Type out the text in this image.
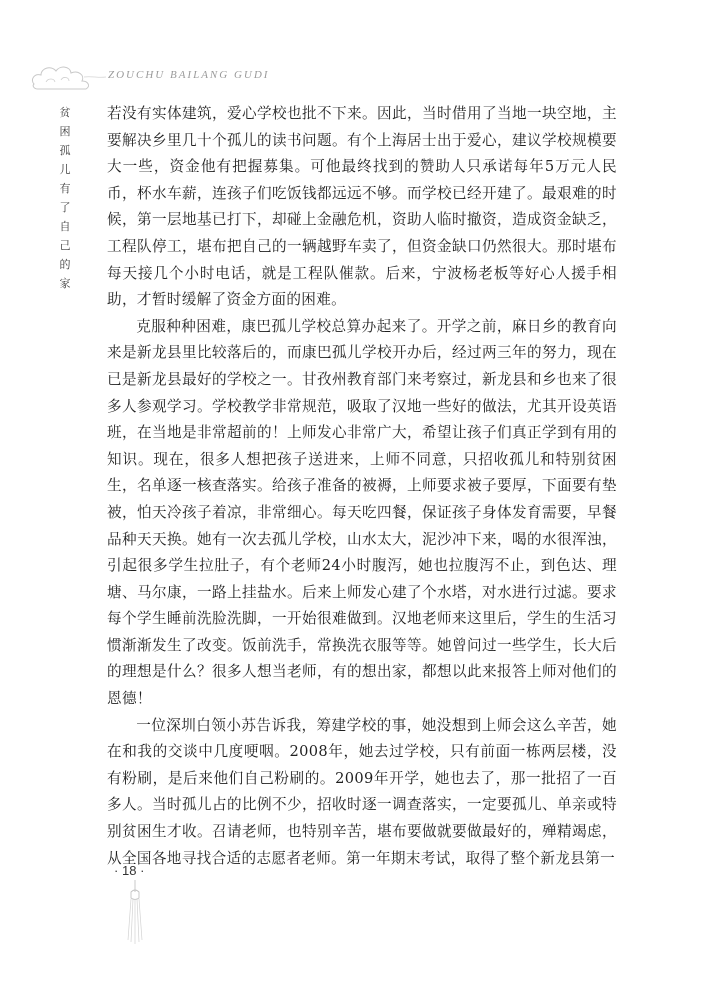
ZOUCHU BAILANG GUDI
贫
困
孤
儿
有
了
自
己
的
家

若没有实体建筑，爱心学校也批不下来。因此，当时借用了当地一块空地，主要解决乡里几十个孤儿的读书问题。有个上海居士出于爱心，建议学校规模要大一些，资金他有把握募集。可他最终找到的赞助人只承诺每年5万元人民币，杯水车薪，连孩子们吃饭钱都远远不够。而学校已经开建了。最艰难的时候，第一层地基已打下，却碰上金融危机，资助人临时撤资，造成资金缺乏，工程队停工，堪布把自己的一辆越野车卖了，但资金缺口仍然很大。那时堪布每天接几个小时电话，就是工程队催款。后来，宁波杨老板等好心人援手相助，才暂时缓解了资金方面的困难。

克服种种困难，康巴孤儿学校总算办起来了。开学之前，麻日乡的教育向来是新龙县里比较落后的，而康巴孤儿学校开办后，经过两三年的努力，现在已是新龙县最好的学校之一。甘孜州教育部门来考察过，新龙县和乡也来了很多人参观学习。学校教学非常规范，吸取了汉地一些好的做法，尤其开设英语班，在当地是非常超前的！上师发心非常广大，希望让孩子们真正学到有用的知识。现在，很多人想把孩子送进来，上师不同意，只招收孤儿和特别贫困生，名单逐一核查落实。给孩子准备的被褥，上师要求被子要厚，下面要有垫被，怕天冷孩子着凉，非常细心。每天吃四餐，保证孩子身体发育需要，早餐品种天天换。她有一次去孤儿学校，山水太大，泥沙冲下来，喝的水很浑浊，引起很多学生拉肚子，有个老师24小时腹泻，她也拉腹泻不止，到色达、理塘、马尔康，一路上挂盐水。后来上师发心建了个水塔，对水进行过滤。要求每个学生睡前洗脸洗脚，一开始很难做到。汉地老师来这里后，学生的生活习惯渐渐发生了改变。饭前洗手，常换洗衣服等等。她曾问过一些学生，长大后的理想是什么？很多人想当老师，有的想出家，都想以此来报答上师对他们的恩德！

一位深圳白领小苏告诉我，筹建学校的事，她没想到上师会这么辛苦，她在和我的交谈中几度哽咽。2008年，她去过学校，只有前面一栋两层楼，没有粉刷，是后来他们自己粉刷的。2009年开学，她也去了，那一批招了一百多人。当时孤儿占的比例不少，招收时逐一调查落实，一定要孤儿、单亲或特别贫困生才收。召请老师，也特别辛苦，堪布要做就要做最好的，殚精竭虑，从全国各地寻找合适的志愿者老师。第一年期末考试，取得了整个新龙县第一

· 18 ·
